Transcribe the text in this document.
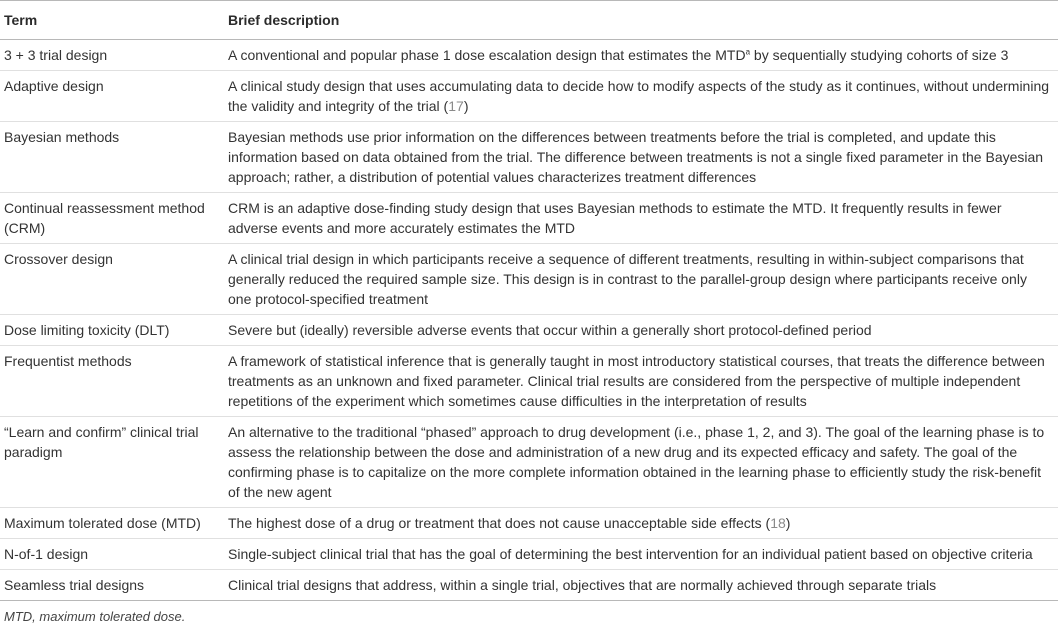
Term	Brief description
3 + 3 trial design	A conventional and popular phase 1 dose escalation design that estimates the MTD$^a$ by sequentially studying cohorts of size 3
Adaptive design	A clinical study design that uses accumulating data to decide how to modify aspects of the study as it continues, without undermining the validity and integrity of the trial (17)
Bayesian methods	Bayesian methods use prior information on the differences between treatments before the trial is completed, and update this information based on data obtained from the trial. The difference between treatments is not a single fixed parameter in the Bayesian approach; rather, a distribution of potential values characterizes treatment differences
Continual reassessment method (CRM)	CRM is an adaptive dose-finding study design that uses Bayesian methods to estimate the MTD. It frequently results in fewer adverse events and more accurately estimates the MTD
Crossover design	A clinical trial design in which participants receive a sequence of different treatments, resulting in within-subject comparisons that generally reduced the required sample size. This design is in contrast to the parallel-group design where participants receive only one protocol-specified treatment
Dose limiting toxicity (DLT)	Severe but (ideally) reversible adverse events that occur within a generally short protocol-defined period
Frequentist methods	A framework of statistical inference that is generally taught in most introductory statistical courses, that treats the difference between treatments as an unknown and fixed parameter. Clinical trial results are considered from the perspective of multiple independent repetitions of the experiment which sometimes cause difficulties in the interpretation of results
“Learn and confirm” clinical trial paradigm	An alternative to the traditional “phased” approach to drug development (i.e., phase 1, 2, and 3). The goal of the learning phase is to assess the relationship between the dose and administration of a new drug and its expected efficacy and safety. The goal of the confirming phase is to capitalize on the more complete information obtained in the learning phase to efficiently study the risk-benefit of the new agent
Maximum tolerated dose (MTD)	The highest dose of a drug or treatment that does not cause unacceptable side effects (18)
N-of-1 design	Single-subject clinical trial that has the goal of determining the best intervention for an individual patient based on objective criteria
Seamless trial designs	Clinical trial designs that address, within a single trial, objectives that are normally achieved through separate trials
MTD, maximum tolerated dose.
